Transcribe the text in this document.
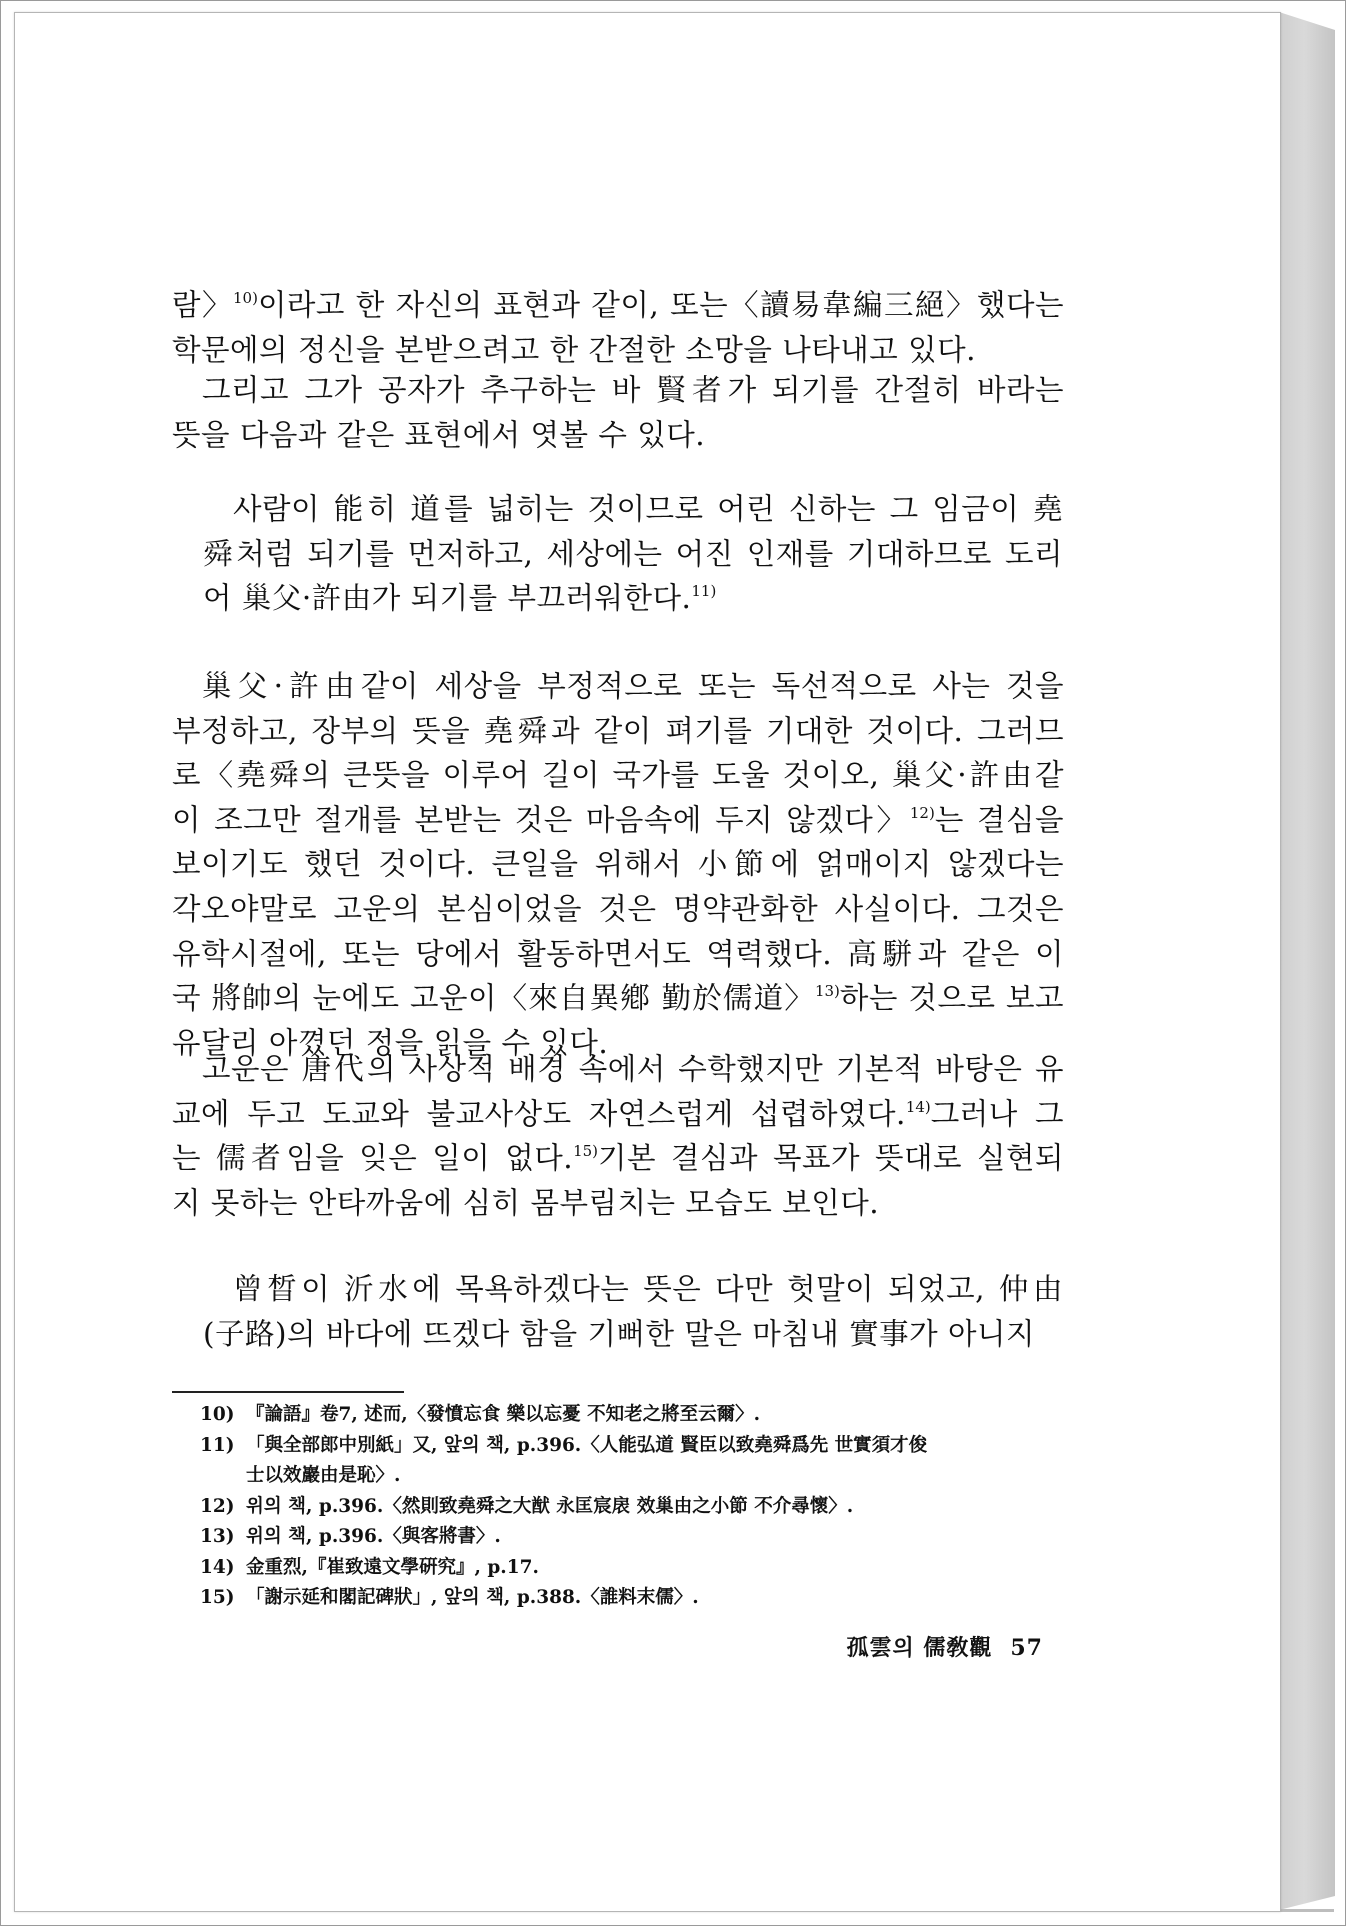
람〉$^{10)}$이라고 한 자신의 표현과 같이, 또는〈讀易韋編三絕〉했다는
학문에의 정신을 본받으려고 한 간절한 소망을 나타내고 있다.
그리고 그가 공자가 추구하는 바 賢者가 되기를 간절히 바라는
뜻을 다음과 같은 표현에서 엿볼 수 있다.
사람이 能히 道를 넓히는 것이므로 어린 신하는 그 임금이 堯
舜처럼 되기를 먼저하고, 세상에는 어진 인재를 기대하므로 도리
어 巢父·許由가 되기를 부끄러워한다.$^{11)}$
巢父·許由같이 세상을 부정적으로 또는 독선적으로 사는 것을
부정하고, 장부의 뜻을 堯舜과 같이 펴기를 기대한 것이다. 그러므
로〈堯舜의 큰뜻을 이루어 길이 국가를 도울 것이오, 巢父·許由같
이 조그만 절개를 본받는 것은 마음속에 두지 않겠다〉$^{12)}$는 결심을
보이기도 했던 것이다. 큰일을 위해서 小節에 얽매이지 않겠다는
각오야말로 고운의 본심이었을 것은 명약관화한 사실이다. 그것은
유학시절에, 또는 당에서 활동하면서도 역력했다. 高駢과 같은 이
국 將帥의 눈에도 고운이〈來自異鄕 勤於儒道〉$^{13)}$하는 것으로 보고
유달리 아꼈던 정을 읽을 수 있다.
고운은 唐代의 사상적 배경 속에서 수학했지만 기본적 바탕은 유
교에 두고 도교와 불교사상도 자연스럽게 섭렵하였다.$^{14)}$그러나 그
는 儒者임을 잊은 일이 없다.$^{15)}$기본 결심과 목표가 뜻대로 실현되
지 못하는 안타까움에 심히 몸부림치는 모습도 보인다.
曾晳이 沂水에 목욕하겠다는 뜻은 다만 헛말이 되었고, 仲由
(子路)의 바다에 뜨겠다 함을 기뻐한 말은 마침내 實事가 아니지
10) 『論語』卷7, 述而,〈發憤忘食 樂以忘憂 不知老之將至云爾〉.
11) 「與全部郎中別紙」又, 앞의 책, p.396.〈人能弘道 賢臣以致堯舜爲先 世實須才俊
士以效巖由是恥〉.
12) 위의 책, p.396.〈然則致堯舜之大猷 永匡宸扆 效巢由之小節 不介尋懷〉.
13) 위의 책, p.396.〈與客將書〉.
14) 金重烈,『崔致遠文學硏究』, p.17.
15) 「謝示延和閣記碑狀」, 앞의 책, p.388.〈誰料末儒〉.
孤雲의 儒敎觀 57
